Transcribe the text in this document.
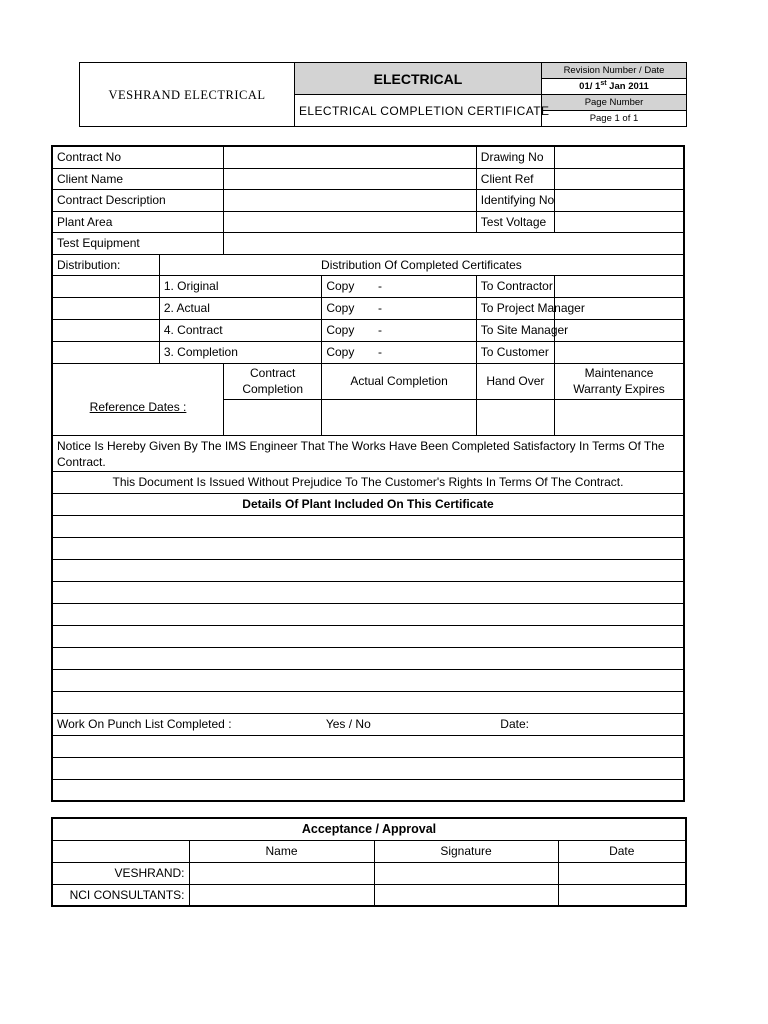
VESHRAND ELECTRICAL	ELECTRICAL	Revision Number / Date
		01/ 1st Jan 2011
	ELECTRICAL COMPLETION CERTIFICATE	Page Number
		Page 1 of 1
Contract No					Drawing No	
Client Name					Client Ref	
Contract Description					Identifying No	
Plant Area					Test Voltage	
Test Equipment						
Distribution:	Distribution Of Completed Certificates					
	1. Original		Copy	-	To Contractor	
	2. Actual		Copy	-	To Project Manager	
	4. Contract		Copy	-	To Site Manager	
	3. Completion		Copy	-	To Customer	
Reference Dates :		Contract Completion	Actual Completion		Hand Over	Maintenance Warranty Expires

Notice Is Hereby Given By The IMS Engineer That The Works Have Been Completed Satisfactory In Terms Of The Contract.						
This Document Is Issued Without Prejudice To The Customer's Rights In Terms Of The Contract.						
Details Of Plant Included On This Certificate						

Work On Punch List Completed :			Yes / No		Date:	

Acceptance / Approval			
	Name	Signature	Date
VESHRAND:			
NCI CONSULTANTS:			
